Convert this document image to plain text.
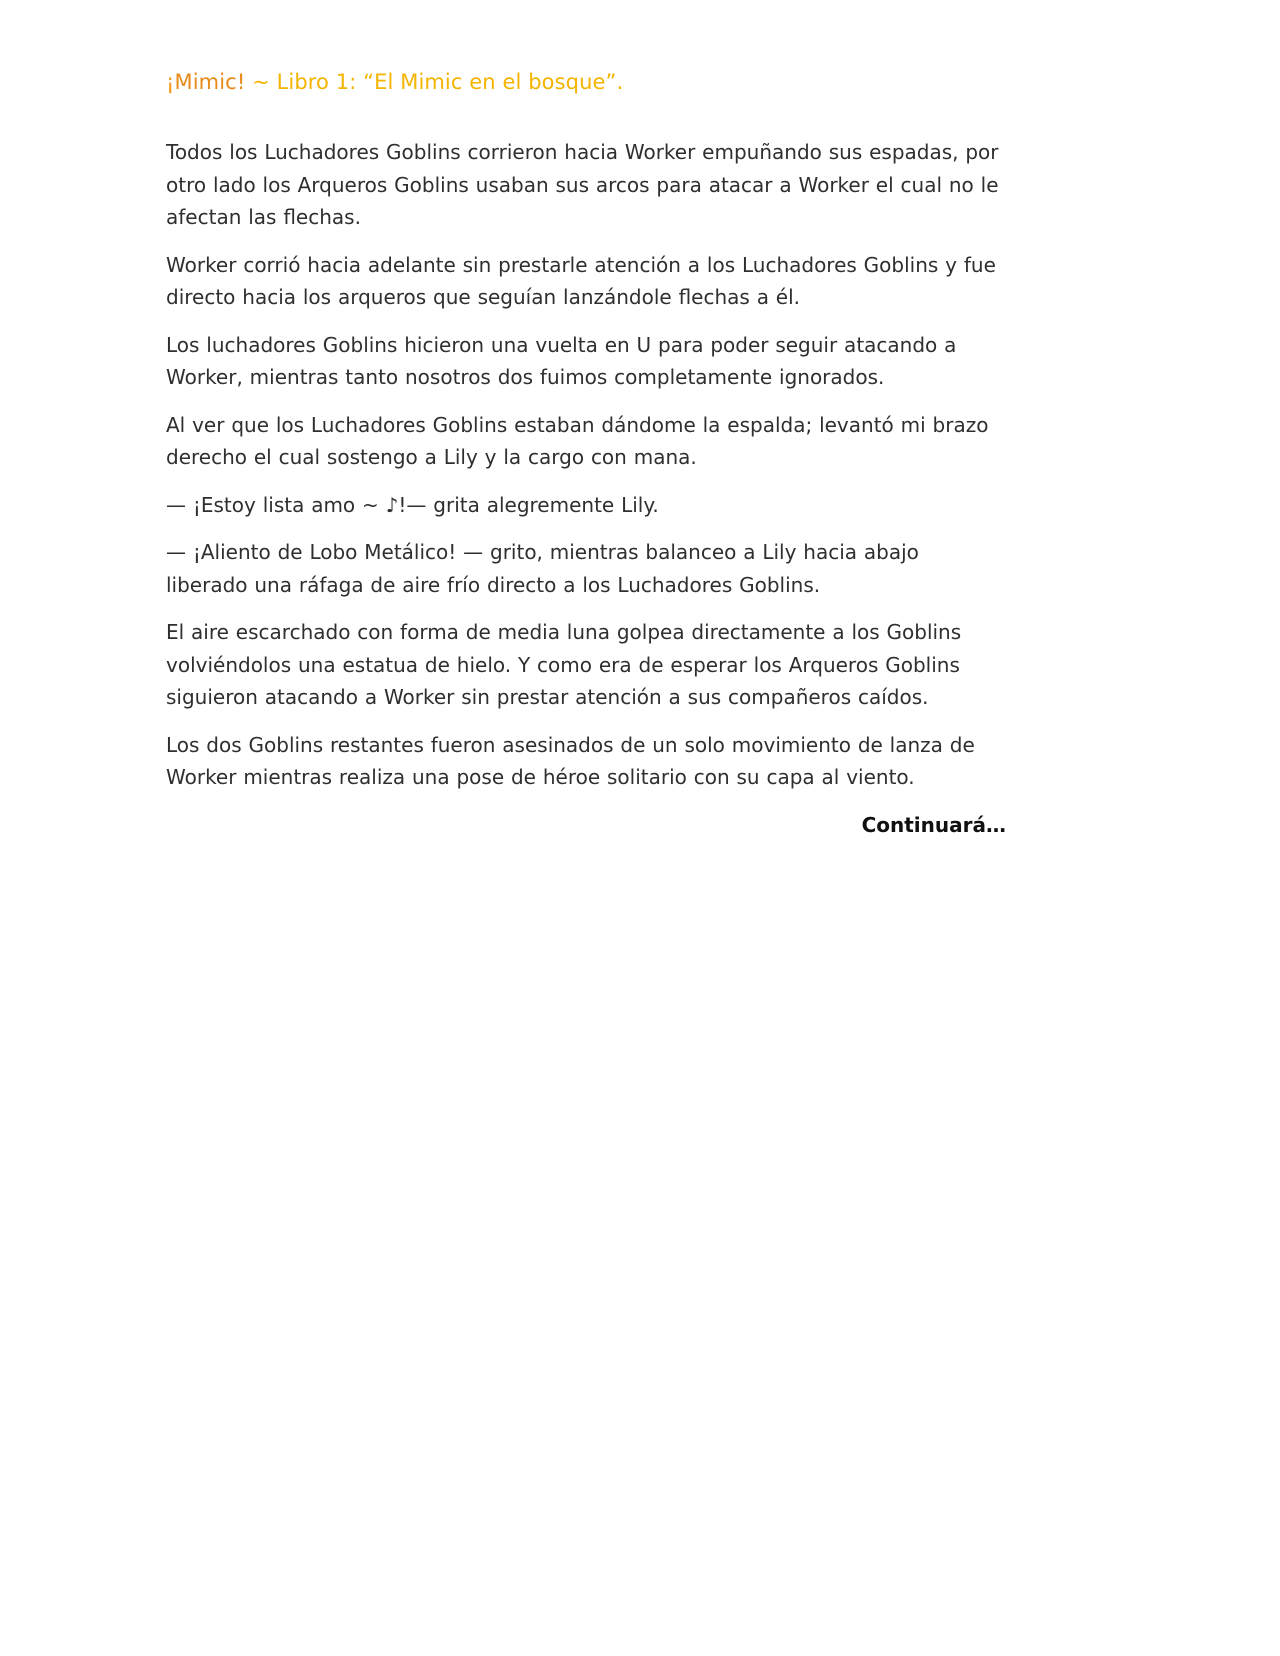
¡Mimic! ~ Libro 1: “El Mimic en el bosque”.

Todos los Luchadores Goblins corrieron hacia Worker empuñando sus espadas, por otro lado los Arqueros Goblins usaban sus arcos para atacar a Worker el cual no le afectan las flechas.

Worker corrió hacia adelante sin prestarle atención a los Luchadores Goblins y fue directo hacia los arqueros que seguían lanzándole flechas a él.

Los luchadores Goblins hicieron una vuelta en U para poder seguir atacando a Worker, mientras tanto nosotros dos fuimos completamente ignorados.

Al ver que los Luchadores Goblins estaban dándome la espalda; levantó mi brazo derecho el cual sostengo a Lily y la cargo con mana.

— ¡Estoy lista amo ~ ♪!— grita alegremente Lily.

— ¡Aliento de Lobo Metálico! — grito, mientras balanceo a Lily hacia abajo liberado una ráfaga de aire frío directo a los Luchadores Goblins.

El aire escarchado con forma de media luna golpea directamente a los Goblins volviéndolos una estatua de hielo. Y como era de esperar los Arqueros Goblins siguieron atacando a Worker sin prestar atención a sus compañeros caídos.

Los dos Goblins restantes fueron asesinados de un solo movimiento de lanza de Worker mientras realiza una pose de héroe solitario con su capa al viento.

Continuará…
